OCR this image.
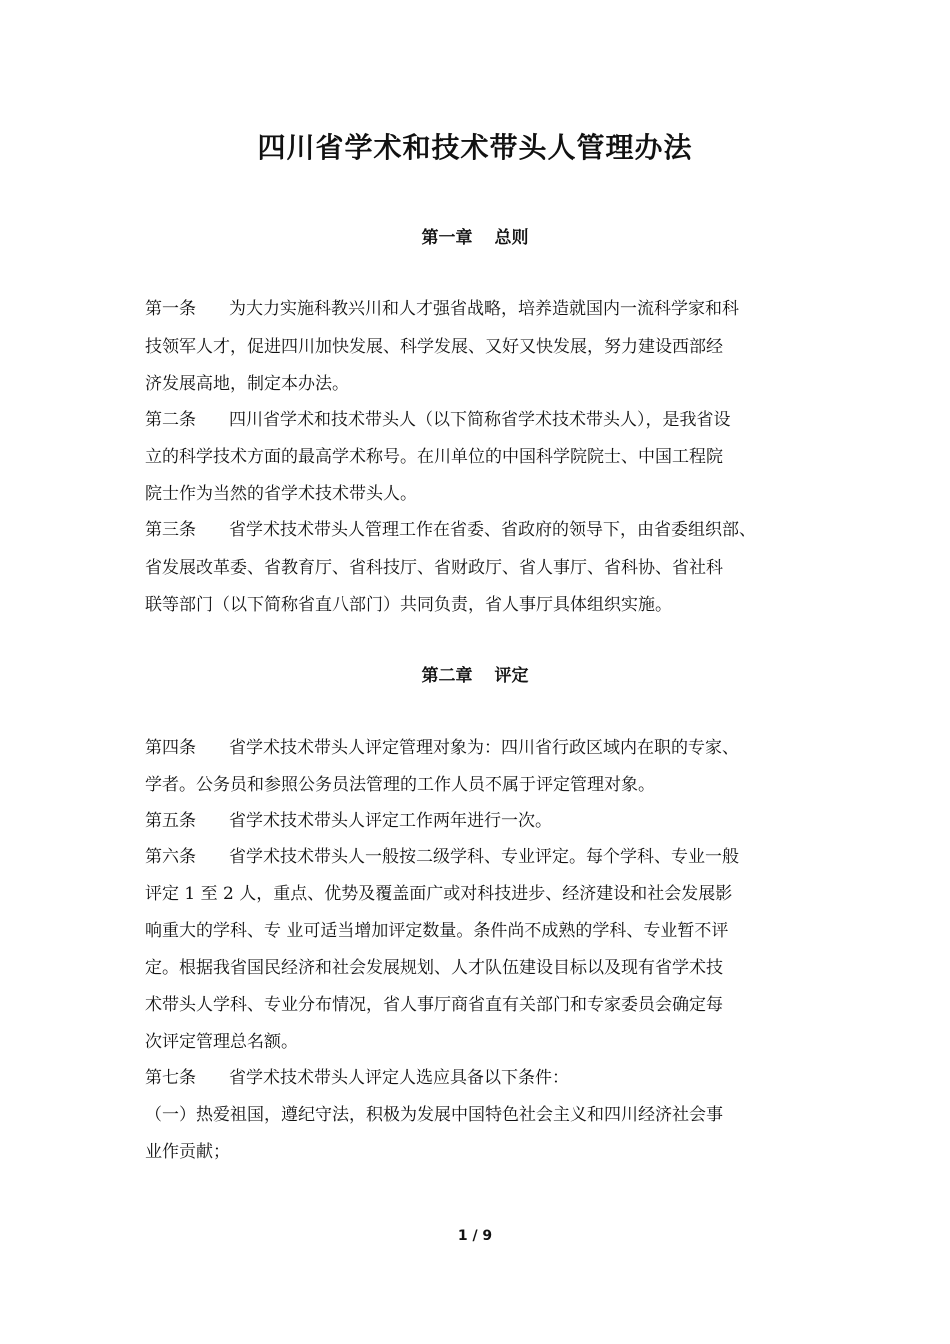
四川省学术和技术带头人管理办法
第一章 总则
第一条 为大力实施科教兴川和人才强省战略，培养造就国内一流科学家和科
技领军人才，促进四川加快发展、科学发展、又好又快发展，努力建设西部经
济发展高地，制定本办法。
第二条 四川省学术和技术带头人（以下简称省学术技术带头人），是我省设
立的科学技术方面的最高学术称号。在川单位的中国科学院院士、中国工程院
院士作为当然的省学术技术带头人。
第三条 省学术技术带头人管理工作在省委、省政府的领导下，由省委组织部、
省发展改革委、省教育厅、省科技厅、省财政厅、省人事厅、省科协、省社科
联等部门（以下简称省直八部门）共同负责，省人事厅具体组织实施。
第二章 评定
第四条 省学术技术带头人评定管理对象为：四川省行政区域内在职的专家、
学者。公务员和参照公务员法管理的工作人员不属于评定管理对象。
第五条 省学术技术带头人评定工作两年进行一次。
第六条 省学术技术带头人一般按二级学科、专业评定。每个学科、专业一般
评定 1 至 2 人，重点、优势及覆盖面广或对科技进步、经济建设和社会发展影
响重大的学科、专 业可适当增加评定数量。条件尚不成熟的学科、专业暂不评
定。根据我省国民经济和社会发展规划、人才队伍建设目标以及现有省学术技
术带头人学科、专业分布情况，省人事厅商省直有关部门和专家委员会确定每
次评定管理总名额。
第七条 省学术技术带头人评定人选应具备以下条件：
（一）热爱祖国，遵纪守法，积极为发展中国特色社会主义和四川经济社会事
业作贡献；
1 / 9
